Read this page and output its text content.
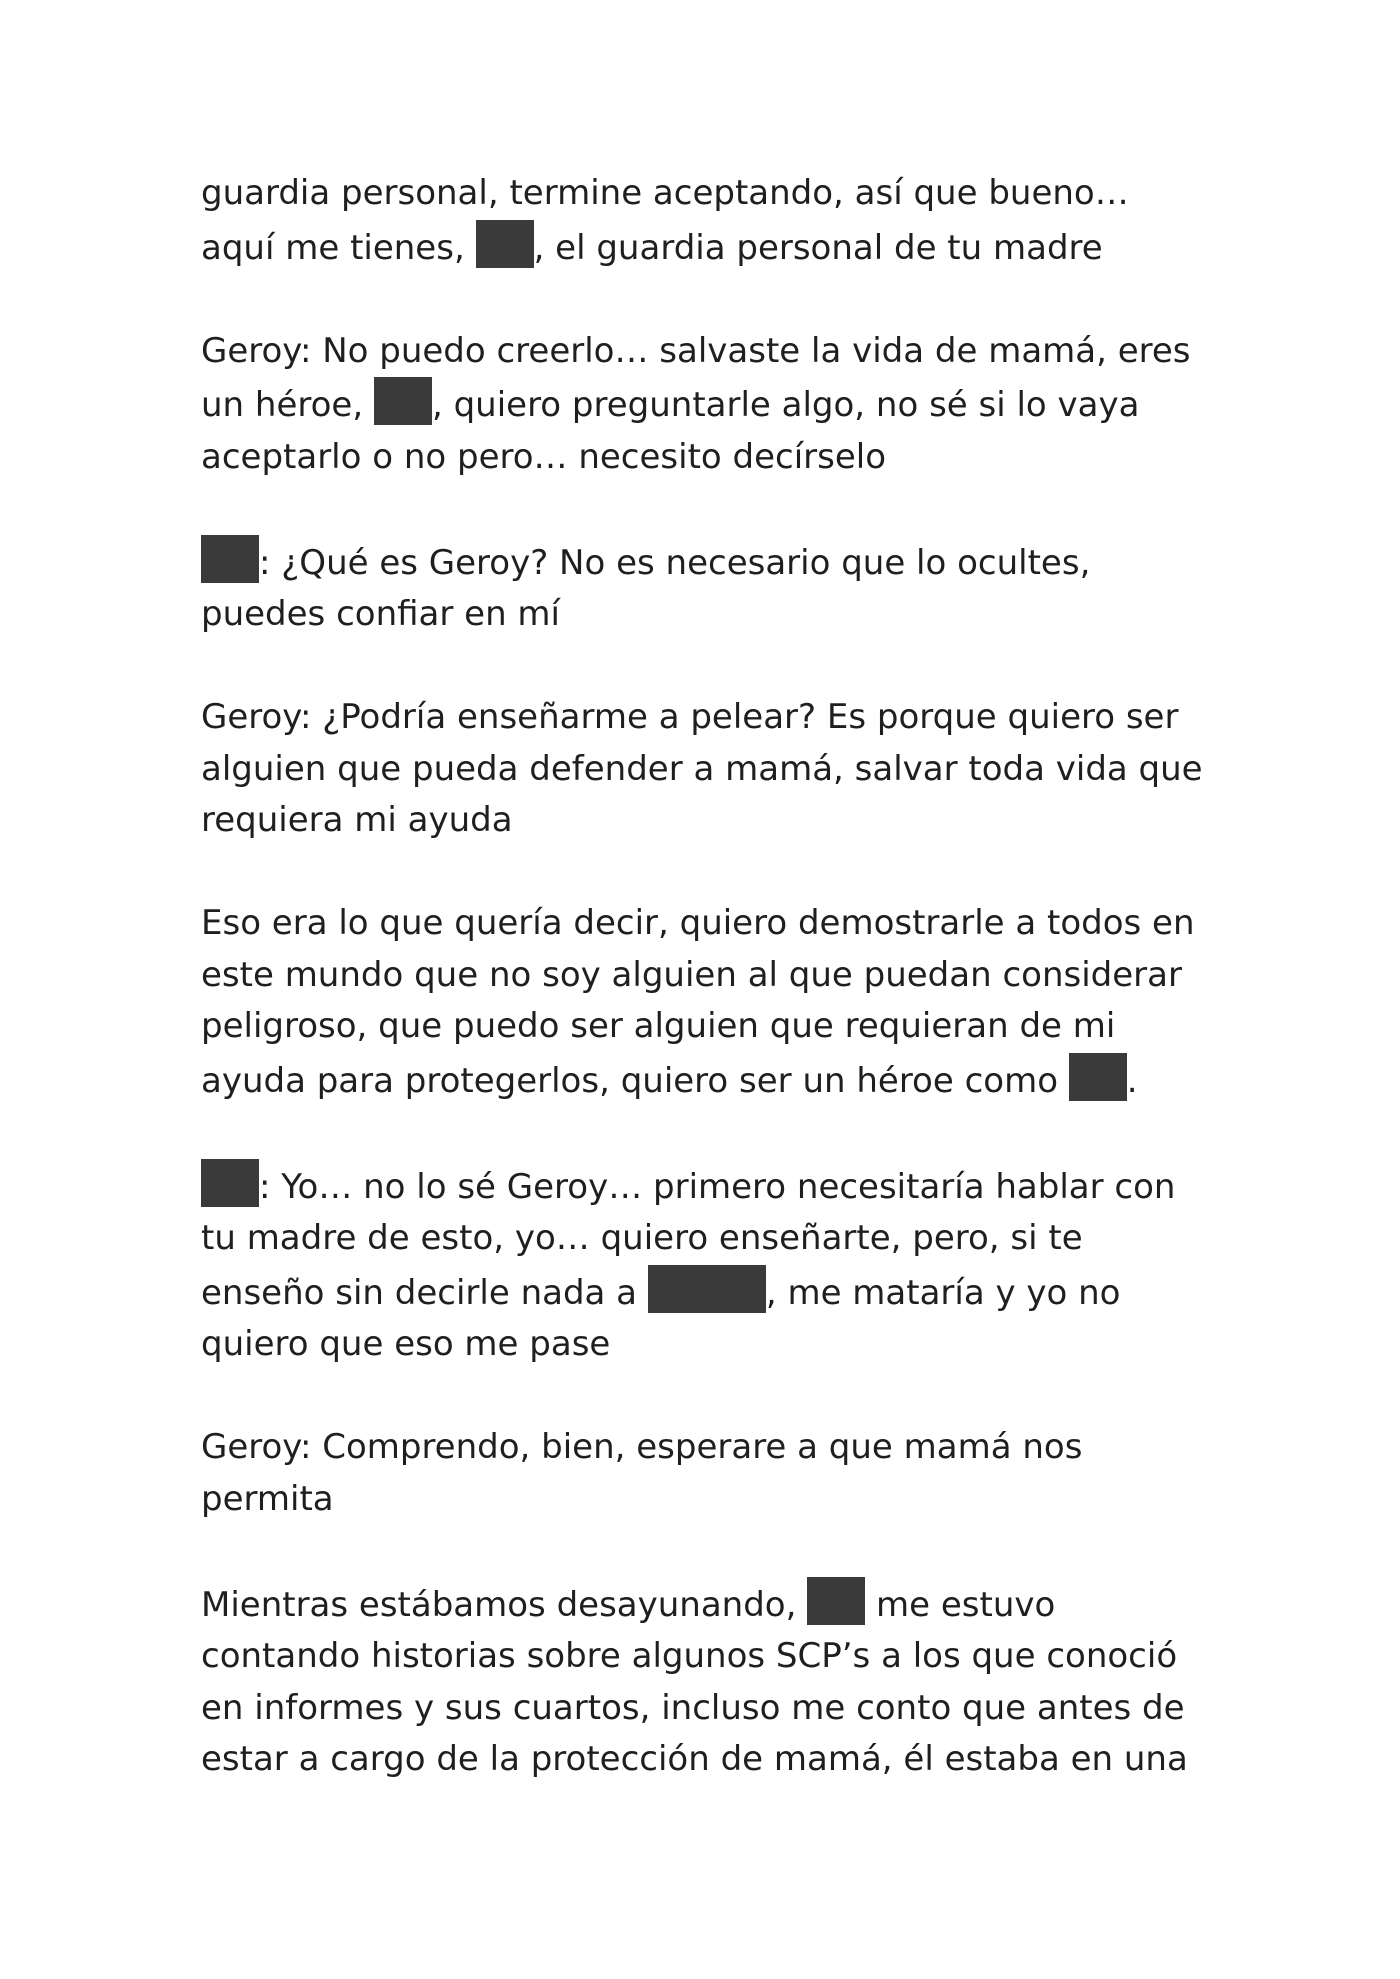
guardia personal, termine aceptando, así que bueno…
aquí me tienes, , el guardia personal de tu madre
Geroy: No puedo creerlo… salvaste la vida de mamá, eres
un héroe, , quiero preguntarle algo, no sé si lo vaya
aceptarlo o no pero… necesito decírselo
: ¿Qué es Geroy? No es necesario que lo ocultes,
puedes confiar en mí
Geroy: ¿Podría enseñarme a pelear? Es porque quiero ser
alguien que pueda defender a mamá, salvar toda vida que
requiera mi ayuda
Eso era lo que quería decir, quiero demostrarle a todos en
este mundo que no soy alguien al que puedan considerar
peligroso, que puedo ser alguien que requieran de mi
ayuda para protegerlos, quiero ser un héroe como .
: Yo… no lo sé Geroy… primero necesitaría hablar con
tu madre de esto, yo… quiero enseñarte, pero, si te
enseño sin decirle nada a	, me mataría y yo no
quiero que eso me pase
Geroy: Comprendo, bien, esperare a que mamá nos
permita
Mientras estábamos desayunando,  me estuvo
contando historias sobre algunos SCP’s a los que conoció
en informes y sus cuartos, incluso me conto que antes de
estar a cargo de la protección de mamá, él estaba en una
